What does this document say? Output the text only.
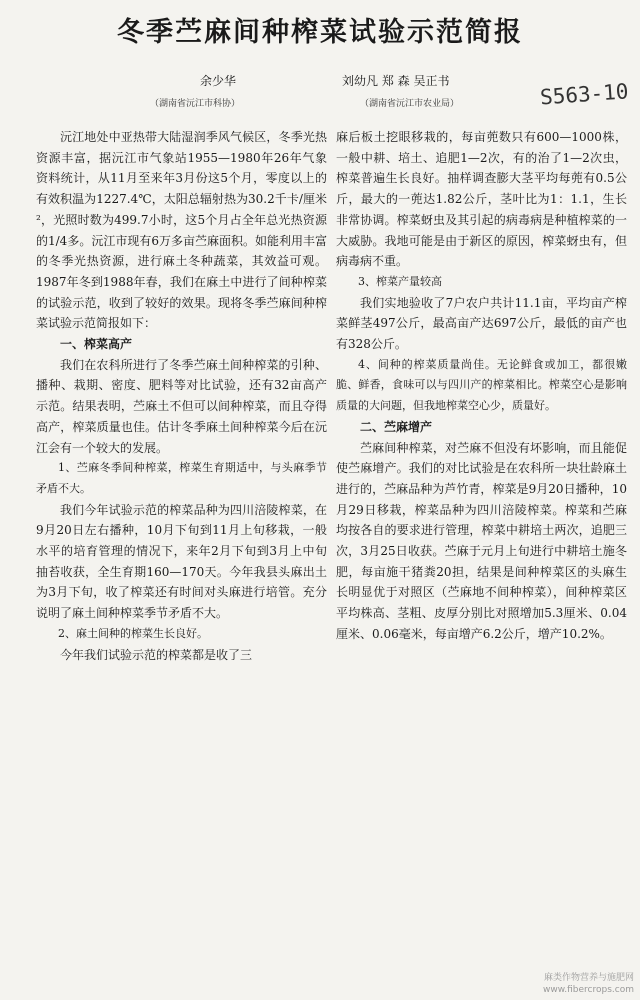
冬季苎麻间种榨菜试验示范简报
余少华
（湖南省沅江市科协）
刘幼凡 郑 森 吴正书
（湖南省沅江市农业局）	S563-10

沅江地处中亚热带大陆湿润季风气候区，冬季光热资源丰富，据沅江市气象站1955—1980年26年气象资料统计，从11月至来年3月份这5个月，零度以上的有效积温为1227.4℃，太阳总辐射热为30.2千卡/厘米²，光照时数为499.7小时，这5个月占全年总光热资源的1/4多。沅江市现有6万多亩苎麻面积。如能利用丰富的冬季光热资源，进行麻土冬种蔬菜，其效益可观。1987年冬到1988年春，我们在麻土中进行了间种榨菜的试验示范，收到了较好的效果。现将冬季苎麻间种榨菜试验示范简报如下：

一、榨菜高产

我们在农科所进行了冬季苎麻土间种榨菜的引种、播种、栽期、密度、肥料等对比试验，还有32亩高产示范。结果表明，苎麻土不但可以间种榨菜，而且夺得高产，榨菜质量也佳。估计冬季麻土间种榨菜今后在沅江会有一个较大的发展。

1、苎麻冬季间种榨菜，榨菜生育期适中，与头麻季节矛盾不大。

我们今年试验示范的榨菜品种为四川涪陵榨菜，在9月20日左右播种，10月下旬到11月上旬移栽，一般水平的培育管理的情况下，来年2月下旬到3月上中旬抽苔收获，全生育期160—170天。今年我县头麻出土为3月下旬，收了榨菜还有时间对头麻进行培管。充分说明了麻土间种榨菜季节矛盾不大。

2、麻土间种的榨菜生长良好。

今年我们试验示范的榨菜都是收了三

麻后板土挖眼移栽的，每亩蔸数只有600—1000株，一般中耕、培土、追肥1—2次，有的治了1—2次虫，榨菜普遍生长良好。抽样调查膨大茎平均每蔸有0.5公斤，最大的一蔸达1.82公斤，茎叶比为1：1.1，生长非常协调。榨菜蚜虫及其引起的病毒病是种植榨菜的一大威胁。我地可能是由于新区的原因，榨菜蚜虫有，但病毒病不重。

3、榨菜产量较高

我们实地验收了7户农户共计11.1亩，平均亩产榨菜鲜茎497公斤，最高亩产达697公斤，最低的亩产也有328公斤。

4、间种的榨菜质量尚佳。无论鲜食或加工，都很嫩脆、鲜香，食味可以与四川产的榨菜相比。榨菜空心是影响质量的大问题，但我地榨菜空心少，质量好。

二、苎麻增产

苎麻间种榨菜，对苎麻不但没有坏影响，而且能促使苎麻增产。我们的对比试验是在农科所一块壮龄麻土进行的，苎麻品种为芦竹青，榨菜是9月20日播种，10月29日移栽，榨菜品种为四川涪陵榨菜。榨菜和苎麻均按各自的要求进行管理，榨菜中耕培土两次，追肥三次，3月25日收获。苎麻于元月上旬进行中耕培土施冬肥，每亩施干猪粪20担，结果是间种榨菜区的头麻生长明显优于对照区（苎麻地不间种榨菜），间种榨菜区平均株高、茎粗、皮厚分别比对照增加5.3厘米、0.04厘米、0.06毫米，每亩增产6.2公斤，增产10.2%。

麻类作物营养与施肥网
www.fibercrops.com
